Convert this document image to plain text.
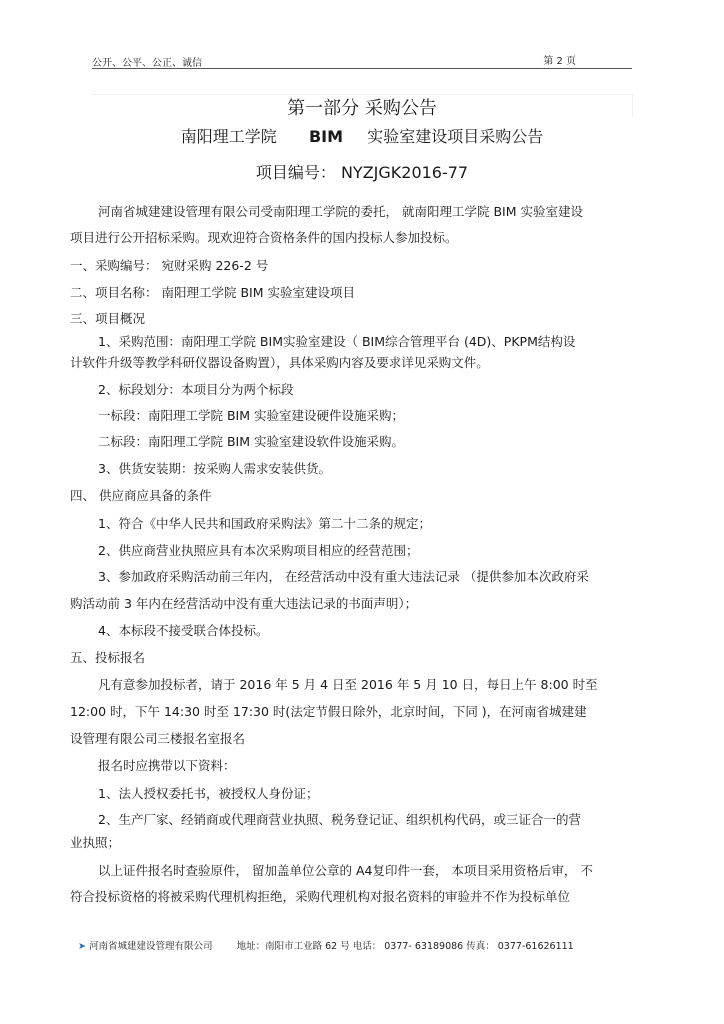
公开、公平、公正、诚信	第 2 页
第一部分 采购公告
南阳理工学院 BIM 实验室建设项目采购公告
项目编号： NYZJGK2016-77
河南省城建建设管理有限公司受南阳理工学院的委托， 就南阳理工学院 BIM 实验室建设
项目进行公开招标采购。现欢迎符合资格条件的国内投标人参加投标。
一、采购编号： 宛财采购 226-2 号
二、项目名称： 南阳理工学院 BIM 实验室建设项目
三、项目概况
1、采购范围：南阳理工学院 BIM实验室建设（ BIM综合管理平台 (4D)、PKPM结构设
计软件升级等教学科研仪器设备购置），具体采购内容及要求详见采购文件。
2、标段划分：本项目分为两个标段
一标段：南阳理工学院 BIM 实验室建设硬件设施采购；
二标段：南阳理工学院 BIM 实验室建设软件设施采购。
3、供货安装期：按采购人需求安装供货。
四、 供应商应具备的条件
1、符合《中华人民共和国政府采购法》第二十二条的规定；
2、供应商营业执照应具有本次采购项目相应的经营范围；
3、参加政府采购活动前三年内， 在经营活动中没有重大违法记录 （提供参加本次政府采
购活动前 3 年内在经营活动中没有重大违法记录的书面声明）；
4、本标段不接受联合体投标。
五、投标报名
凡有意参加投标者，请于 2016 年 5 月 4 日至 2016 年 5 月 10 日，每日上午 8:00 时至
12:00 时，下午 14:30 时至 17:30 时(法定节假日除外，北京时间，下同 )，在河南省城建建
设管理有限公司三楼报名室报名
报名时应携带以下资料：
1、法人授权委托书，被授权人身份证；
2、生产厂家、经销商或代理商营业执照、税务登记证、组织机构代码，或三证合一的营
业执照；
以上证件报名时查验原件， 留加盖单位公章的 A4复印件一套， 本项目采用资格后审， 不
符合投标资格的将被采购代理机构拒绝，采购代理机构对报名资料的审验并不作为投标单位
➤ 河南省城建建设管理有限公司	地址：南阳市工业路 62 号 电话： 0377- 63189086 传真： 0377-61626111
